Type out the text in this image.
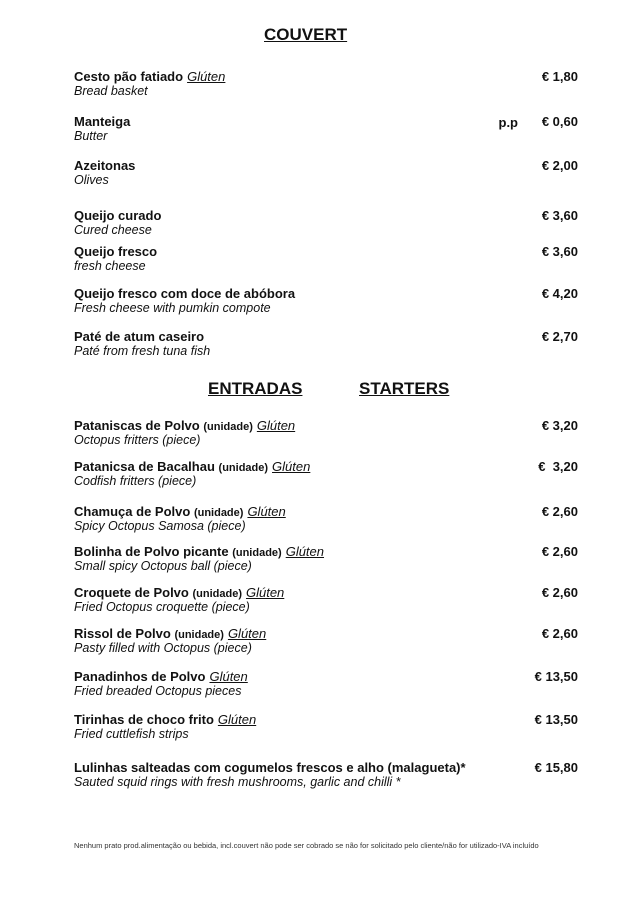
COUVERT
Cesto pão fatiado Glúten
Bread basket
€ 1,80
Manteiga
Butter
p.p € 0,60
Azeitonas
Olives
€ 2,00
Queijo curado
Cured cheese
€ 3,60
Queijo fresco
fresh cheese
€ 3,60
Queijo fresco com doce de abóbora
Fresh cheese with pumkin compote
€ 4,20
Paté de atum caseiro
Paté from fresh tuna fish
€ 2,70
ENTRADAS	STARTERS
Pataniscas de Polvo (unidade) Glúten
Octopus fritters (piece)
€ 3,20
Patanicsa de Bacalhau (unidade) Glúten
Codfish fritters (piece)
€  3,20
Chamuça de Polvo (unidade) Glúten
Spicy Octopus Samosa (piece)
€ 2,60
Bolinha de Polvo picante (unidade) Glúten
Small spicy Octopus ball (piece)
€ 2,60
Croquete de Polvo (unidade) Glúten
Fried Octopus croquette (piece)
€ 2,60
Rissol de Polvo (unidade) Glúten
Pasty filled with Octopus (piece)
€ 2,60
Panadinhos de Polvo Glúten
Fried breaded Octopus pieces
€ 13,50
Tirinhas de choco frito Glúten
Fried cuttlefish strips
€ 13,50
Lulinhas salteadas com cogumelos frescos e alho (malagueta)*
Sauted squid rings with fresh mushrooms, garlic and chilli *
€ 15,80
Nenhum prato prod.alimentação ou bebida, incl.couvert não pode ser cobrado se não for solicitado pelo cliente/não for utilizado-IVA incluído
